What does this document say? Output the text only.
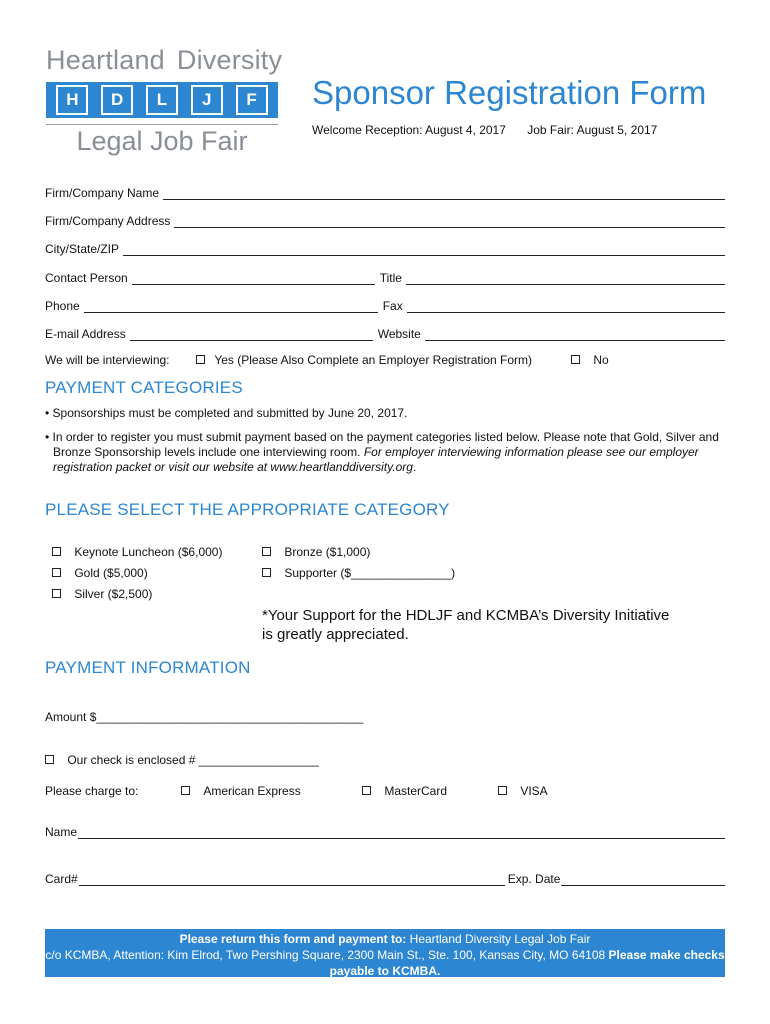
Heartland Diversity
H	D	L	J	F
Legal Job Fair
Sponsor Registration Form
Welcome Reception: August 4, 2017 Job Fair: August 5, 2017
Firm/Company Name
Firm/Company Address
City/State/ZIP
Contact Person	Title
Phone	Fax
E-mail Address	Website
We will be interviewing:	Yes (Please Also Complete an Employer Registration Form)	No
PAYMENT CATEGORIES
• Sponsorships must be completed and submitted by June 20, 2017.
• In order to register you must submit payment based on the payment categories listed below. Please note that Gold, Silver and Bronze Sponsorship levels include one interviewing room. For employer interviewing information please see our employer registration packet or visit our website at www.heartlanddiversity.org.
PLEASE SELECT THE APPROPRIATE CATEGORY
Keynote Luncheon ($6,000)
Gold ($5,000)
Silver ($2,500)
Bronze ($1,000)
Supporter ($_______________)
*Your Support for the HDLJF and KCMBA’s Diversity Initiative
is greatly appreciated.
PAYMENT INFORMATION
Amount $________________________________________
Our check is enclosed # __________________
Please charge to:	American Express	MasterCard	VISA
Name
Card#	Exp. Date
Please return this form and payment to: Heartland Diversity Legal Job Fair
c/o KCMBA, Attention: Kim Elrod, Two Pershing Square, 2300 Main St., Ste. 100, Kansas City, MO 64108 Please make checks payable to KCMBA.
